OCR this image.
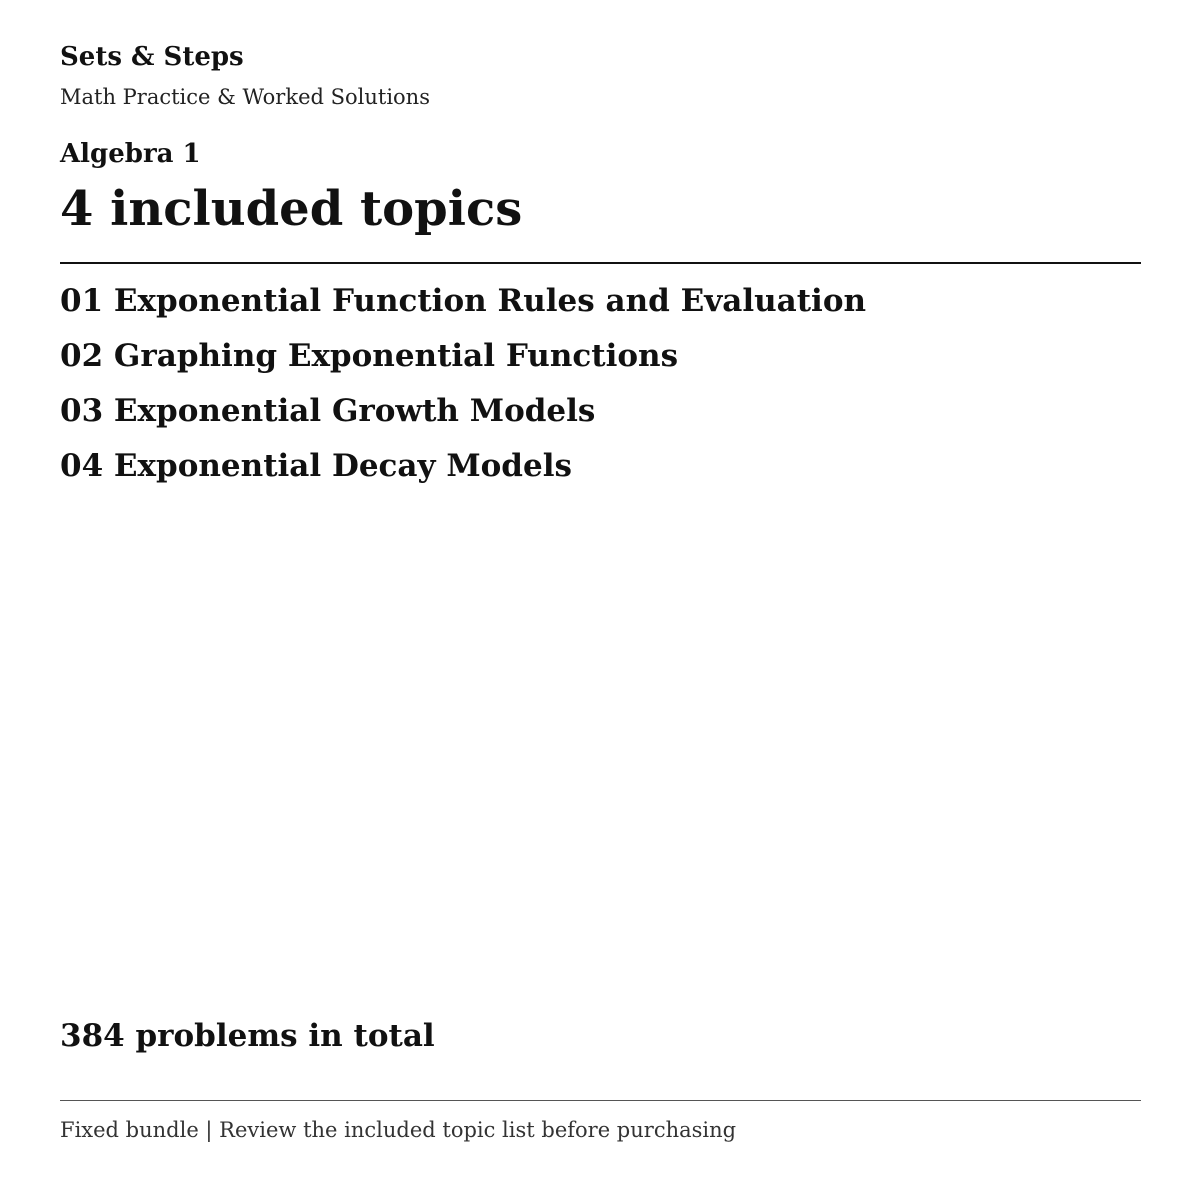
Sets & Steps
Math Practice & Worked Solutions
Algebra 1
4 included topics
01 Exponential Function Rules and Evaluation
02 Graphing Exponential Functions
03 Exponential Growth Models
04 Exponential Decay Models
384 problems in total
Fixed bundle | Review the included topic list before purchasing
